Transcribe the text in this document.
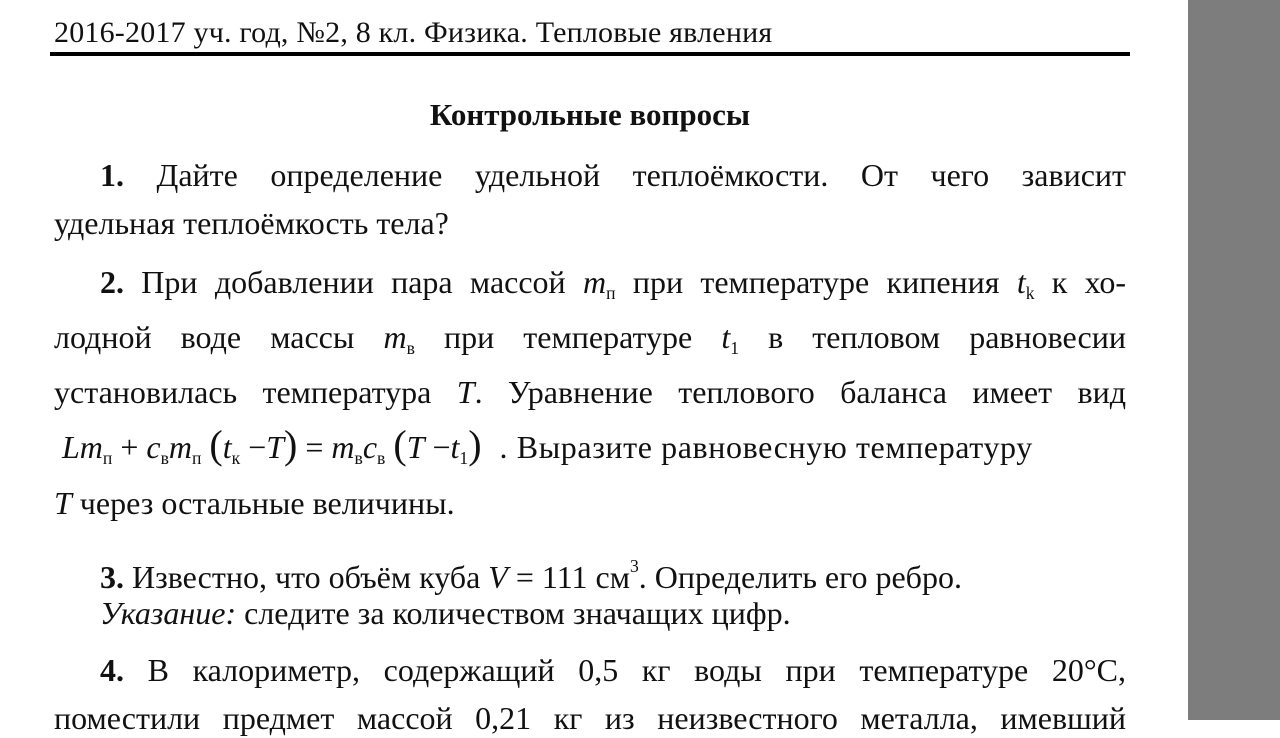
2016-2017 уч. год, №2, 8 кл. Физика. Тепловые явления
Контрольные вопросы
1. Дайте определение удельной теплоёмкости. От чего зависит
удельная теплоёмкость тела?
2. При добавлении пара массой $m_п$ при температуре кипения $t_k$ к хо-
лодной воде массы $m_в$ при температуре $t_1$ в тепловом равновесии
установилась температура T. Уравнение теплового баланса имеет вид
$Lm_п + c_вm_п$ $(t_к -T) = m_вc_в$ $(T -t_1)$ . Выразите равновесную температуру
T через остальные величины.
3. Известно, что объём куба V = 111 $см^3$. Определить его ребро.
Указание: следите за количеством значащих цифр.
4. В калориметр, содержащий 0,5 кг воды при температуре 20°С,
поместили предмет массой 0,21 кг из неизвестного металла, имевший
